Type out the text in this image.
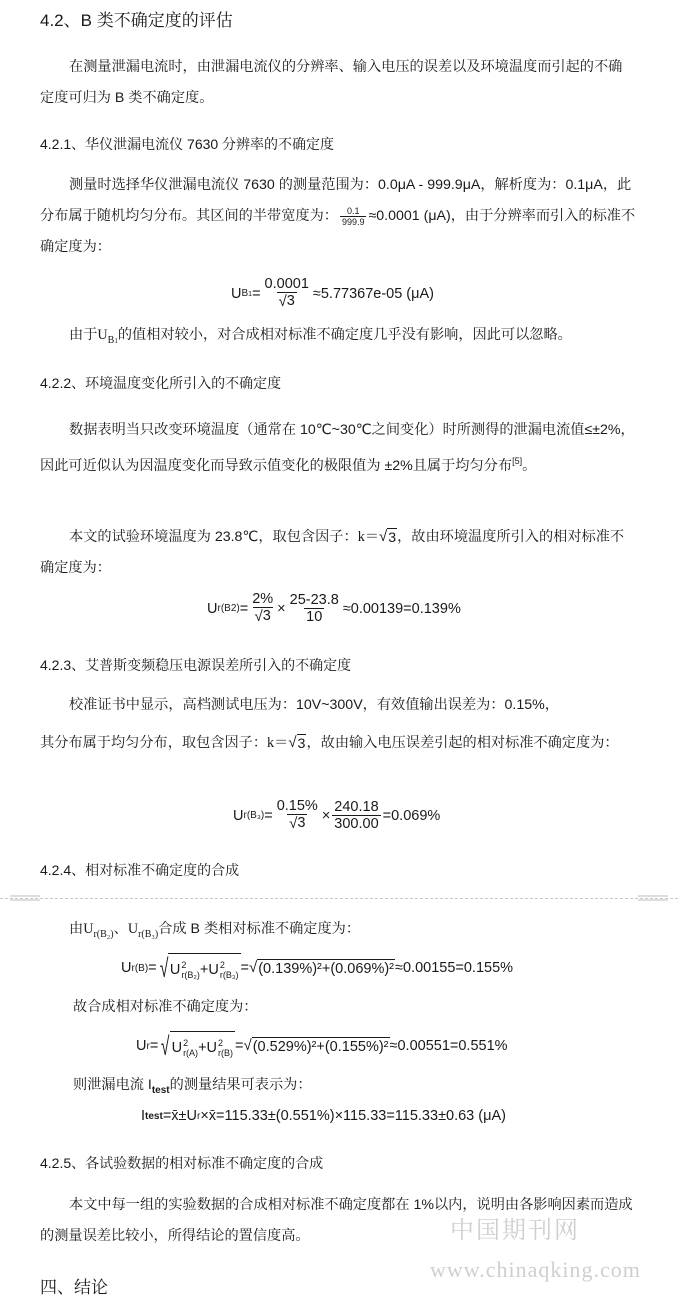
4.2、B 类不确定度的评估
在测量泄漏电流时，由泄漏电流仪的分辨率、输入电压的误差以及环境温度而引起的不确定度可归为 B 类不确定度。
4.2.1、华仪泄漏电流仪 7630 分辨率的不确定度
测量时选择华仪泄漏电流仪 7630 的测量范围为：0.0μA - 999.9μA，解析度为：0.1μA，此分布属于随机均匀分布。其区间的半带宽度为： $\frac{0.1}{999.9} \approx 0.0001$ (μA)，由于分辨率而引入的标准不确定度为：
U $B1 = \frac{0.0001}{√ 3} \approx 5.77367e-05$ (μA)
由于$U_{B1}$的值相对较小，对合成相对标准不确定度几乎没有影响，因此可以忽略。
4.2.2、环境温度变化所引入的不确定度
数据表明当只改变环境温度（通常在 10℃~30℃之间变化）时所测得的泄漏电流值≤±2%，因此可近似认为因温度变化而导致示值变化的极限值为 ±2%且属于均匀分布[5]。
本文的试验环境温度为 23.8℃，取包含因子：k＝ √ 3 ，故由环境温度所引入的相对标准不确定度为：
U $r(B2) = \frac{2\%}{√ 3} \times \frac{25-23.8}{10} \approx 0.00139=0.139\%$
4.2.3、艾普斯变频稳压电源误差所引入的不确定度
校准证书中显示，高档测试电压为：10V~300V，有效值输出误差为：0.15%，
其分布属于均匀分布，取包含因子：k＝ √ 3 ，故由输入电压误差引起的相对标准不确定度为：
U $r(B_3) = \frac{0.15\%}{√ 3} \times \frac{240.18}{300.00} =0.069\%$
4.2.4、相对标准不确定度的合成
由$U_{r(B_2)}$、$U_{r(B_3)}$合成 B 类相对标准不确定度为：
U r(B) = √ U 2
r(B₂) + U 2
r(B₃) = √ (0.139%)²+(0.069%)² ≈0.00155=0.155%
故合成相对标准不确定度为：
U r = √ U 2
r(A) + U 2
r(B) = √ (0.529%)²+(0.155%)² ≈0.00551=0.551%
则泄漏电流 $I_{test}$的测量结果可表示为：
I test =x̄±U r ×x̄=115.33±(0.551%)×115.33=115.33±0.63 (μA)
4.2.5、各试验数据的相对标准不确定度的合成
本文中每一组的实验数据的合成相对标准不确定度都在 1%以内，说明由各影响因素而造成的测量误差比较小，所得结论的置信度高。
四、结论
中国期刊网
www.chinaqking.com
